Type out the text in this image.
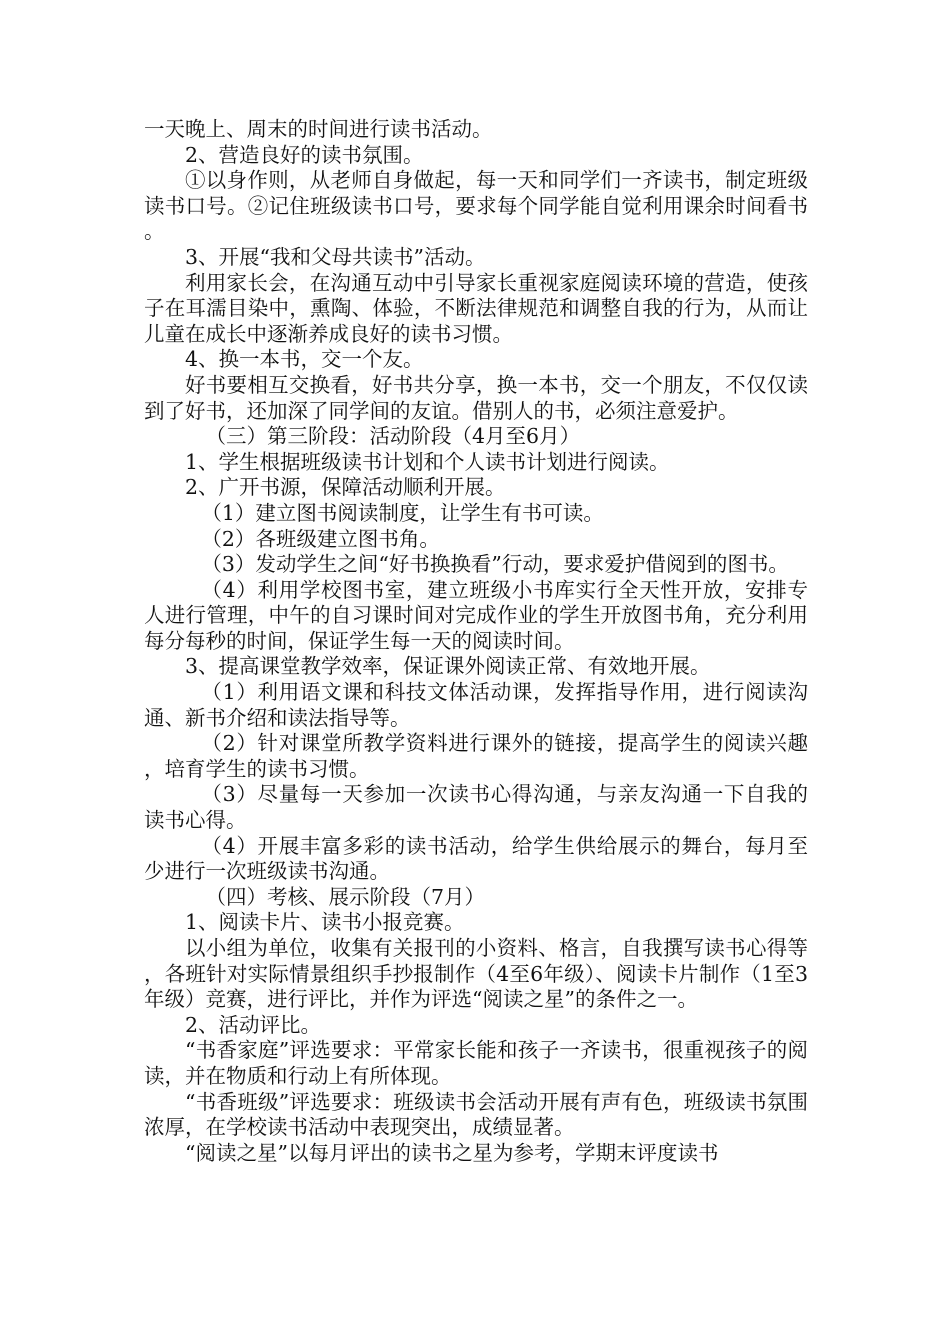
一天晚上、周末的时间进行读书活动。

2、营造良好的读书氛围。

①以身作则，从老师自身做起，每一天和同学们一齐读书，制定班级读书口号。②记住班级读书口号，要求每个同学能自觉利用课余时间看书。

3、开展“我和父母共读书”活动。

利用家长会，在沟通互动中引导家长重视家庭阅读环境的营造，使孩子在耳濡目染中，熏陶、体验，不断法律规范和调整自我的行为，从而让儿童在成长中逐渐养成良好的读书习惯。

4、换一本书，交一个友。

好书要相互交换看，好书共分享，换一本书，交一个朋友，不仅仅读到了好书，还加深了同学间的友谊。借别人的书，必须注意爱护。

（三）第三阶段：活动阶段（4月至6月）

1、学生根据班级读书计划和个人读书计划进行阅读。

2、广开书源，保障活动顺利开展。

（1）建立图书阅读制度，让学生有书可读。

（2）各班级建立图书角。

（3）发动学生之间“好书换换看”行动，要求爱护借阅到的图书。

（4）利用学校图书室，建立班级小书库实行全天性开放，安排专人进行管理，中午的自习课时间对完成作业的学生开放图书角，充分利用每分每秒的时间，保证学生每一天的阅读时间。

3、提高课堂教学效率，保证课外阅读正常、有效地开展。

（1）利用语文课和科技文体活动课，发挥指导作用，进行阅读沟通、新书介绍和读法指导等。

（2）针对课堂所教学资料进行课外的链接，提高学生的阅读兴趣，培育学生的读书习惯。

（3）尽量每一天参加一次读书心得沟通，与亲友沟通一下自我的读书心得。

（4）开展丰富多彩的读书活动，给学生供给展示的舞台，每月至少进行一次班级读书沟通。

（四）考核、展示阶段（7月）

1、阅读卡片、读书小报竞赛。

以小组为单位，收集有关报刊的小资料、格言，自我撰写读书心得等，各班针对实际情景组织手抄报制作（4至6年级）、阅读卡片制作（1至3年级）竞赛，进行评比，并作为评选“阅读之星”的条件之一。

2、活动评比。

“书香家庭”评选要求：平常家长能和孩子一齐读书，很重视孩子的阅读，并在物质和行动上有所体现。

“书香班级”评选要求：班级读书会活动开展有声有色，班级读书氛围浓厚，在学校读书活动中表现突出，成绩显著。

“阅读之星”以每月评出的读书之星为参考，学期末评度读书
